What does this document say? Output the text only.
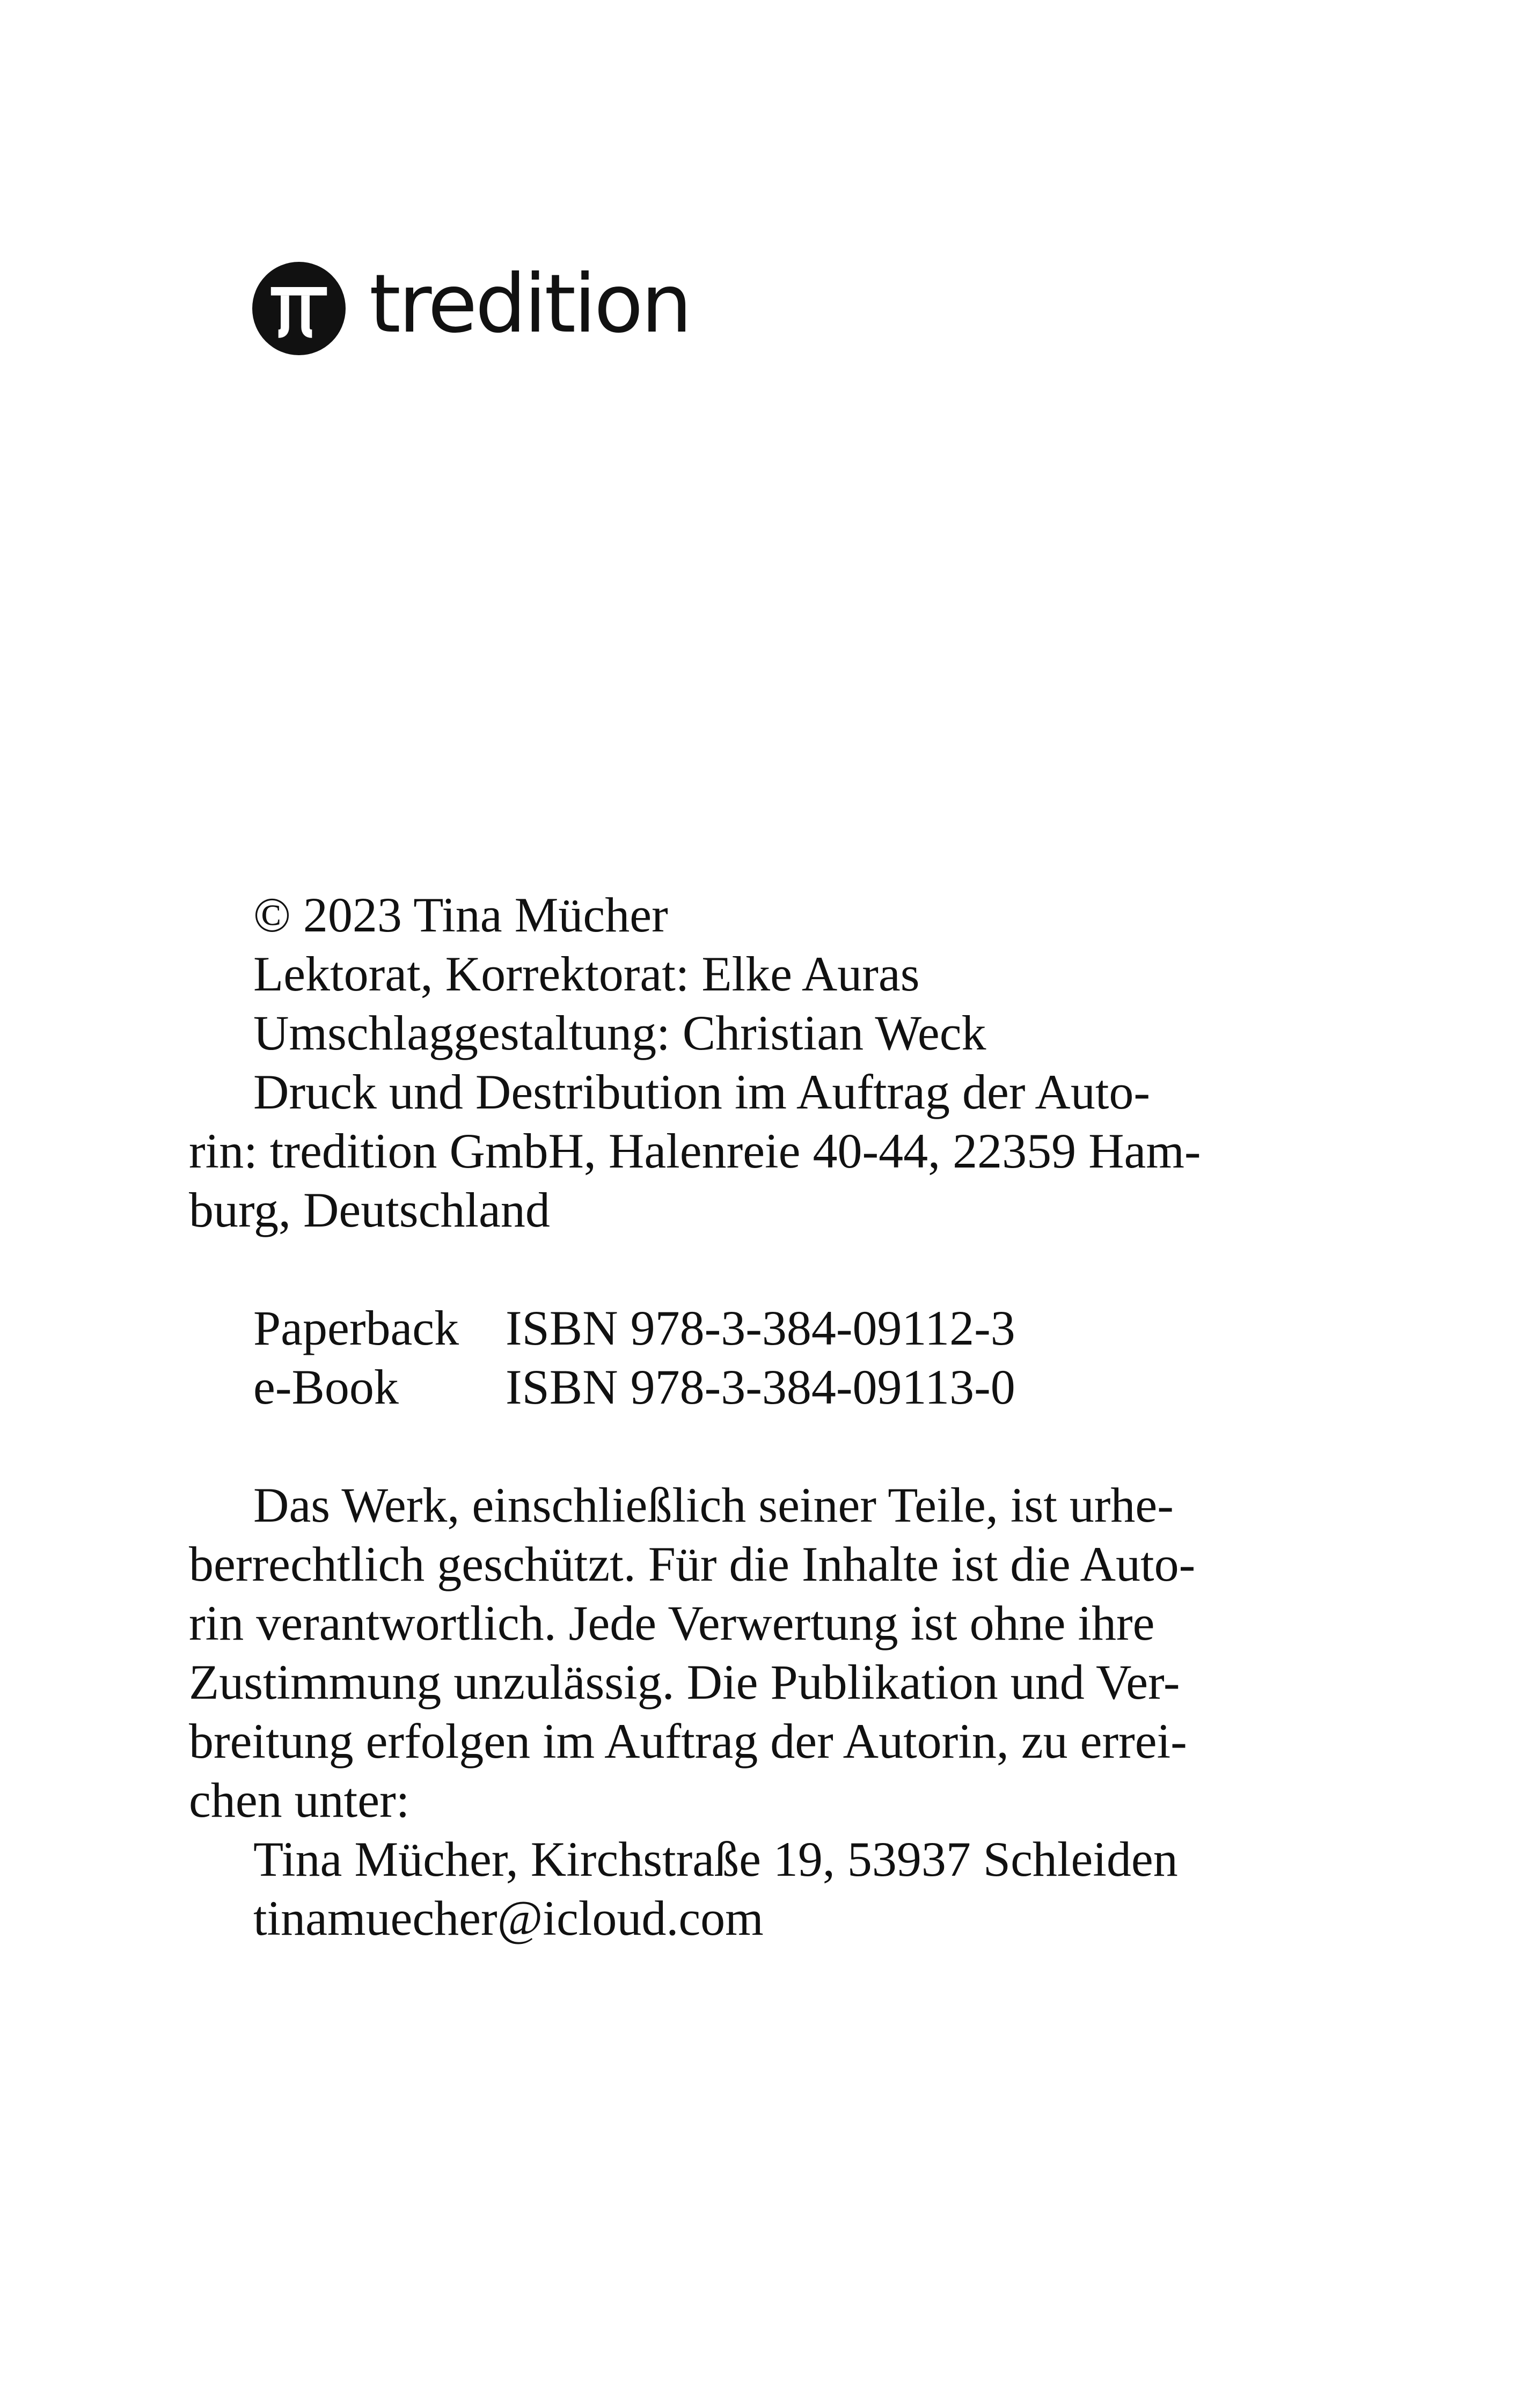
tredition
© 2023 Tina Mücher
Lektorat, Korrektorat: Elke Auras
Umschlaggestaltung: Christian Weck
Druck und Destribution im Auftrag der Auto-
rin: tredition GmbH, Halenreie 40-44, 22359 Ham-
burg, Deutschland
Paperback ISBN 978-3-384-09112-3
e-Book ISBN 978-3-384-09113-0
Das Werk, einschließlich seiner Teile, ist urhe-
berrechtlich geschützt. Für die Inhalte ist die Auto-
rin verantwortlich. Jede Verwertung ist ohne ihre
Zustimmung unzulässig. Die Publikation und Ver-
breitung erfolgen im Auftrag der Autorin, zu errei-
chen unter:
Tina Mücher, Kirchstraße 19, 53937 Schleiden
tinamuecher@icloud.com
